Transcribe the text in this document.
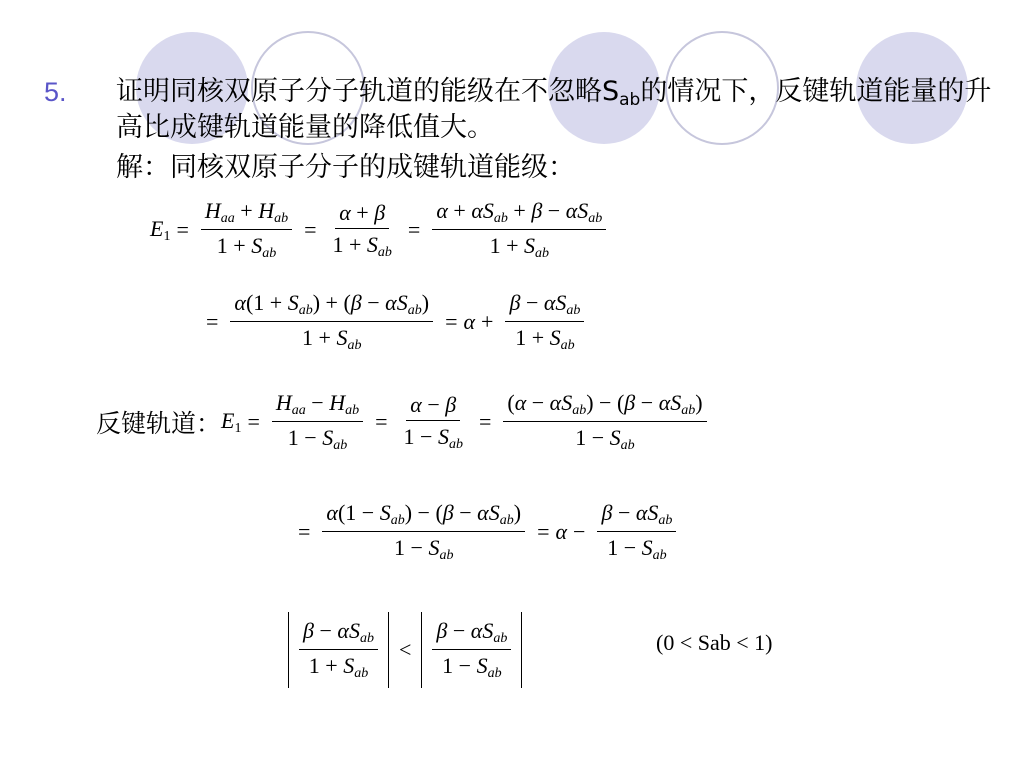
5. 证明同核双原子分子轨道的能级在不忽略$S_{ab}$的情况下，反键轨道能量的升高比成键轨道能量的降低值大。
解：同核双原子分子的成键轨道能级：
$E1 = \frac{\text{Haa + Hab}}{\text{1 + Sab}} = \frac{\alpha + \beta}{\text{1 + Sab}} = \frac{\text{α + αSab + β − αSab}}{\text{1 + Sab}}$
= $\frac{\text{α(1 + Sab) + (β − αSab)}}{\text{1 + Sab}} = \alpha + \frac{\text{β − αSab}}{\text{1 + Sab}}$
反键轨道： $E1 = \frac{\text{Haa − Hab}}{\text{1 − Sab}} = \frac{\alpha - \beta}{\text{1 − Sab}} = \frac{\text{(α − αSab) − (β − αSab)}}{\text{1 − Sab}}$
= $\frac{\text{α(1 − Sab) − (β − αSab)}}{\text{1 − Sab}} = \alpha - \frac{\text{β − αSab}}{\text{1 − Sab}}$
$\frac{\text{β − αSab}}{\text{1 + Sab}} < \frac{\text{β − αSab}}{\text{1 − Sab}}$	(0 < Sab < 1)
